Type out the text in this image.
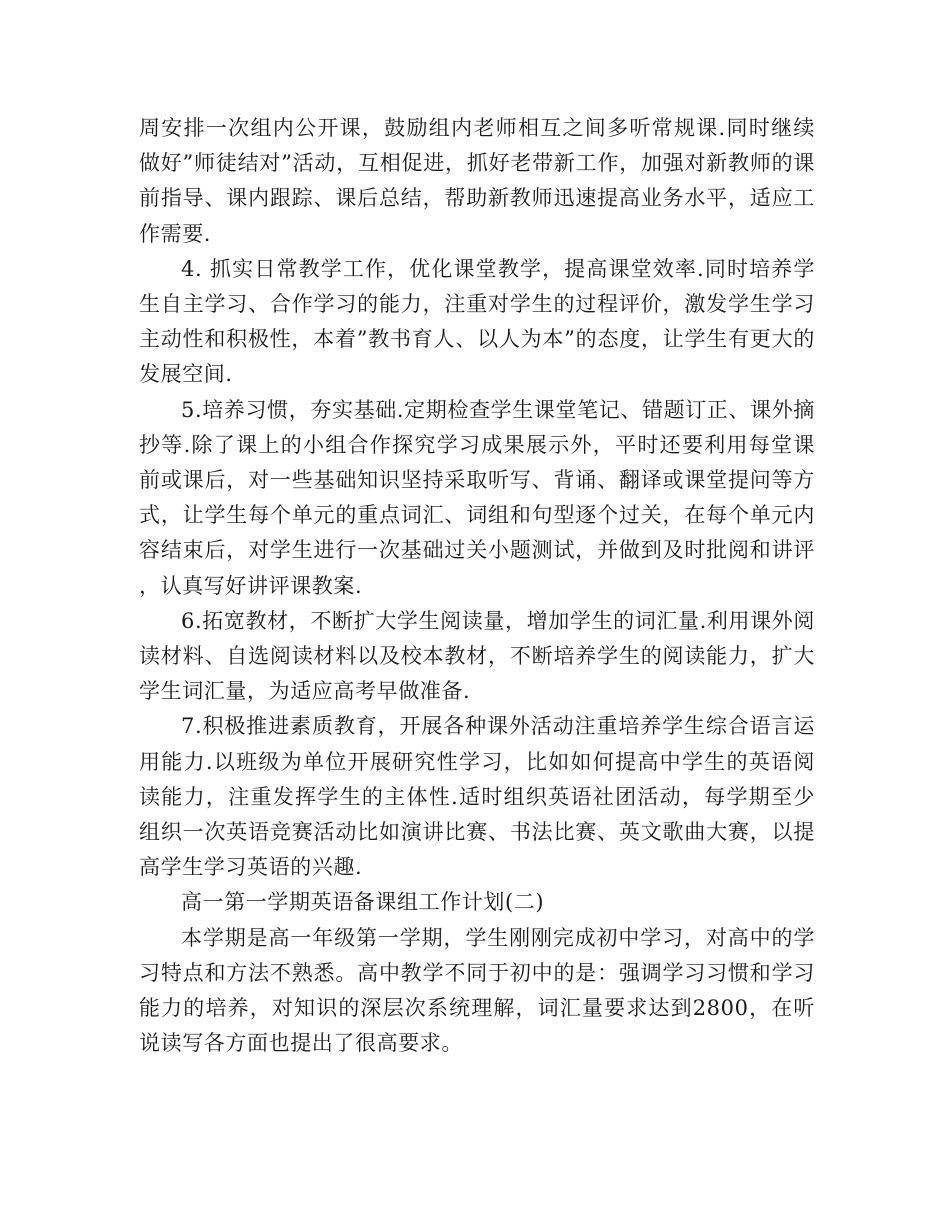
周安排一次组内公开课，鼓励组内老师相互之间多听常规课.同时继续做好”师徒结对”活动，互相促进，抓好老带新工作，加强对新教师的课前指导、课内跟踪、课后总结，帮助新教师迅速提高业务水平，适应工作需要.

4. 抓实日常教学工作，优化课堂教学，提高课堂效率.同时培养学生自主学习、合作学习的能力，注重对学生的过程评价，激发学生学习主动性和积极性，本着”教书育人、以人为本”的态度，让学生有更大的发展空间.

5.培养习惯，夯实基础.定期检查学生课堂笔记、错题订正、课外摘抄等.除了课上的小组合作探究学习成果展示外，平时还要利用每堂课前或课后，对一些基础知识坚持采取听写、背诵、翻译或课堂提问等方式，让学生每个单元的重点词汇、词组和句型逐个过关，在每个单元内容结束后，对学生进行一次基础过关小题测试，并做到及时批阅和讲评，认真写好讲评课教案.

6.拓宽教材，不断扩大学生阅读量，增加学生的词汇量.利用课外阅读材料、自选阅读材料以及校本教材，不断培养学生的阅读能力，扩大学生词汇量，为适应高考早做准备.

7.积极推进素质教育，开展各种课外活动注重培养学生综合语言运用能力.以班级为单位开展研究性学习，比如如何提高中学生的英语阅读能力，注重发挥学生的主体性.适时组织英语社团活动，每学期至少组织一次英语竞赛活动比如演讲比赛、书法比赛、英文歌曲大赛，以提高学生学习英语的兴趣.

高一第一学期英语备课组工作计划(二)

本学期是高一年级第一学期，学生刚刚完成初中学习，对高中的学习特点和方法不熟悉。高中教学不同于初中的是：强调学习习惯和学习能力的培养，对知识的深层次系统理解，词汇量要求达到2800，在听说读写各方面也提出了很高要求。
